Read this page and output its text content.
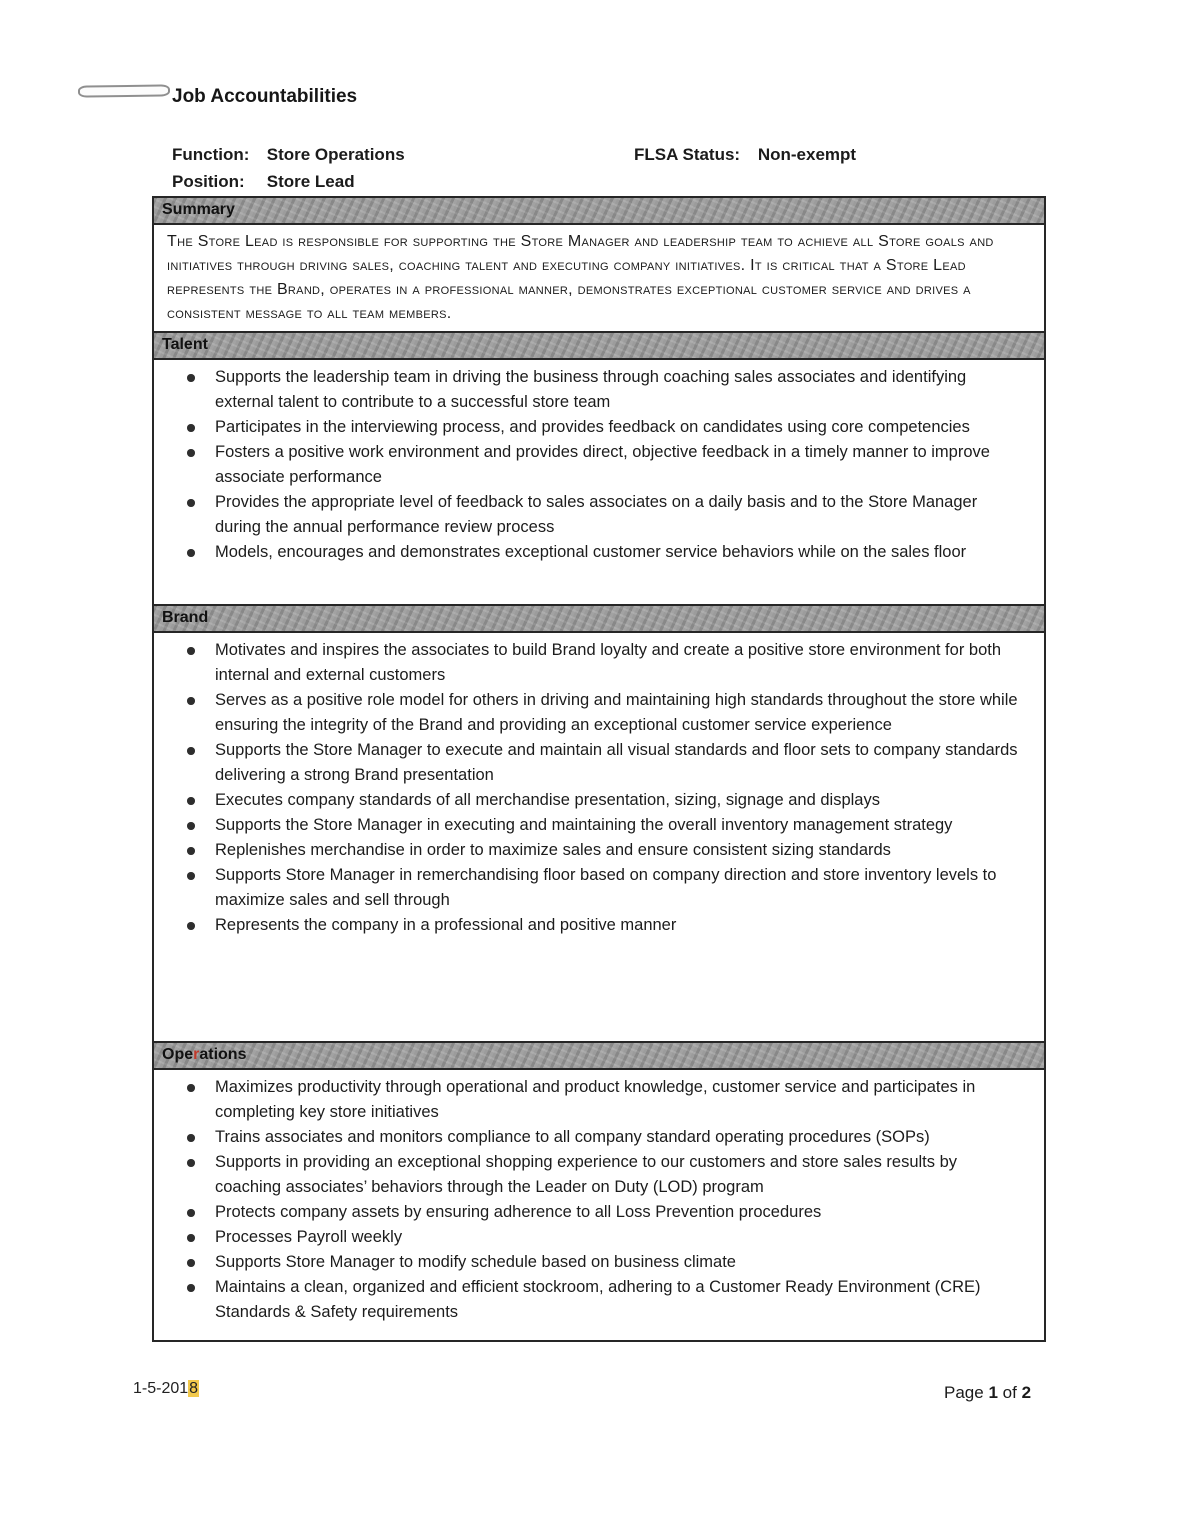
Job Accountabilities
Function: Store Operations	FLSA Status: Non-exempt
Position: Store Lead
Summary
The Store Lead is responsible for supporting the Store Manager and leadership team to achieve all Store goals and initiatives through driving sales, coaching talent and executing company initiatives. It is critical that a Store Lead represents the Brand, operates in a professional manner, demonstrates exceptional customer service and drives a consistent message to all team members.
Talent
Supports the leadership team in driving the business through coaching sales associates and identifying external talent to contribute to a successful store team
Participates in the interviewing process, and provides feedback on candidates using core competencies
Fosters a positive work environment and provides direct, objective feedback in a timely manner to improve associate performance
Provides the appropriate level of feedback to sales associates on a daily basis and to the Store Manager during the annual performance review process
Models, encourages and demonstrates exceptional customer service behaviors while on the sales floor
Brand
Motivates and inspires the associates to build Brand loyalty and create a positive store environment for both internal and external customers
Serves as a positive role model for others in driving and maintaining high standards throughout the store while ensuring the integrity of the Brand and providing an exceptional customer service experience
Supports the Store Manager to execute and maintain all visual standards and floor sets to company standards delivering a strong Brand presentation
Executes company standards of all merchandise presentation, sizing, signage and displays
Supports the Store Manager in executing and maintaining the overall inventory management strategy
Replenishes merchandise in order to maximize sales and ensure consistent sizing standards
Supports Store Manager in remerchandising floor based on company direction and store inventory levels to maximize sales and sell through
Represents the company in a professional and positive manner
Operations
Maximizes productivity through operational and product knowledge, customer service and participates in completing key store initiatives
Trains associates and monitors compliance to all company standard operating procedures (SOPs)
Supports in providing an exceptional shopping experience to our customers and store sales results by coaching associates’ behaviors through the Leader on Duty (LOD) program
Protects company assets by ensuring adherence to all Loss Prevention procedures
Processes Payroll weekly
Supports Store Manager to modify schedule based on business climate
Maintains a clean, organized and efficient stockroom, adhering to a Customer Ready Environment (CRE) Standards & Safety requirements
1-5-2018	Page 1 of 2
